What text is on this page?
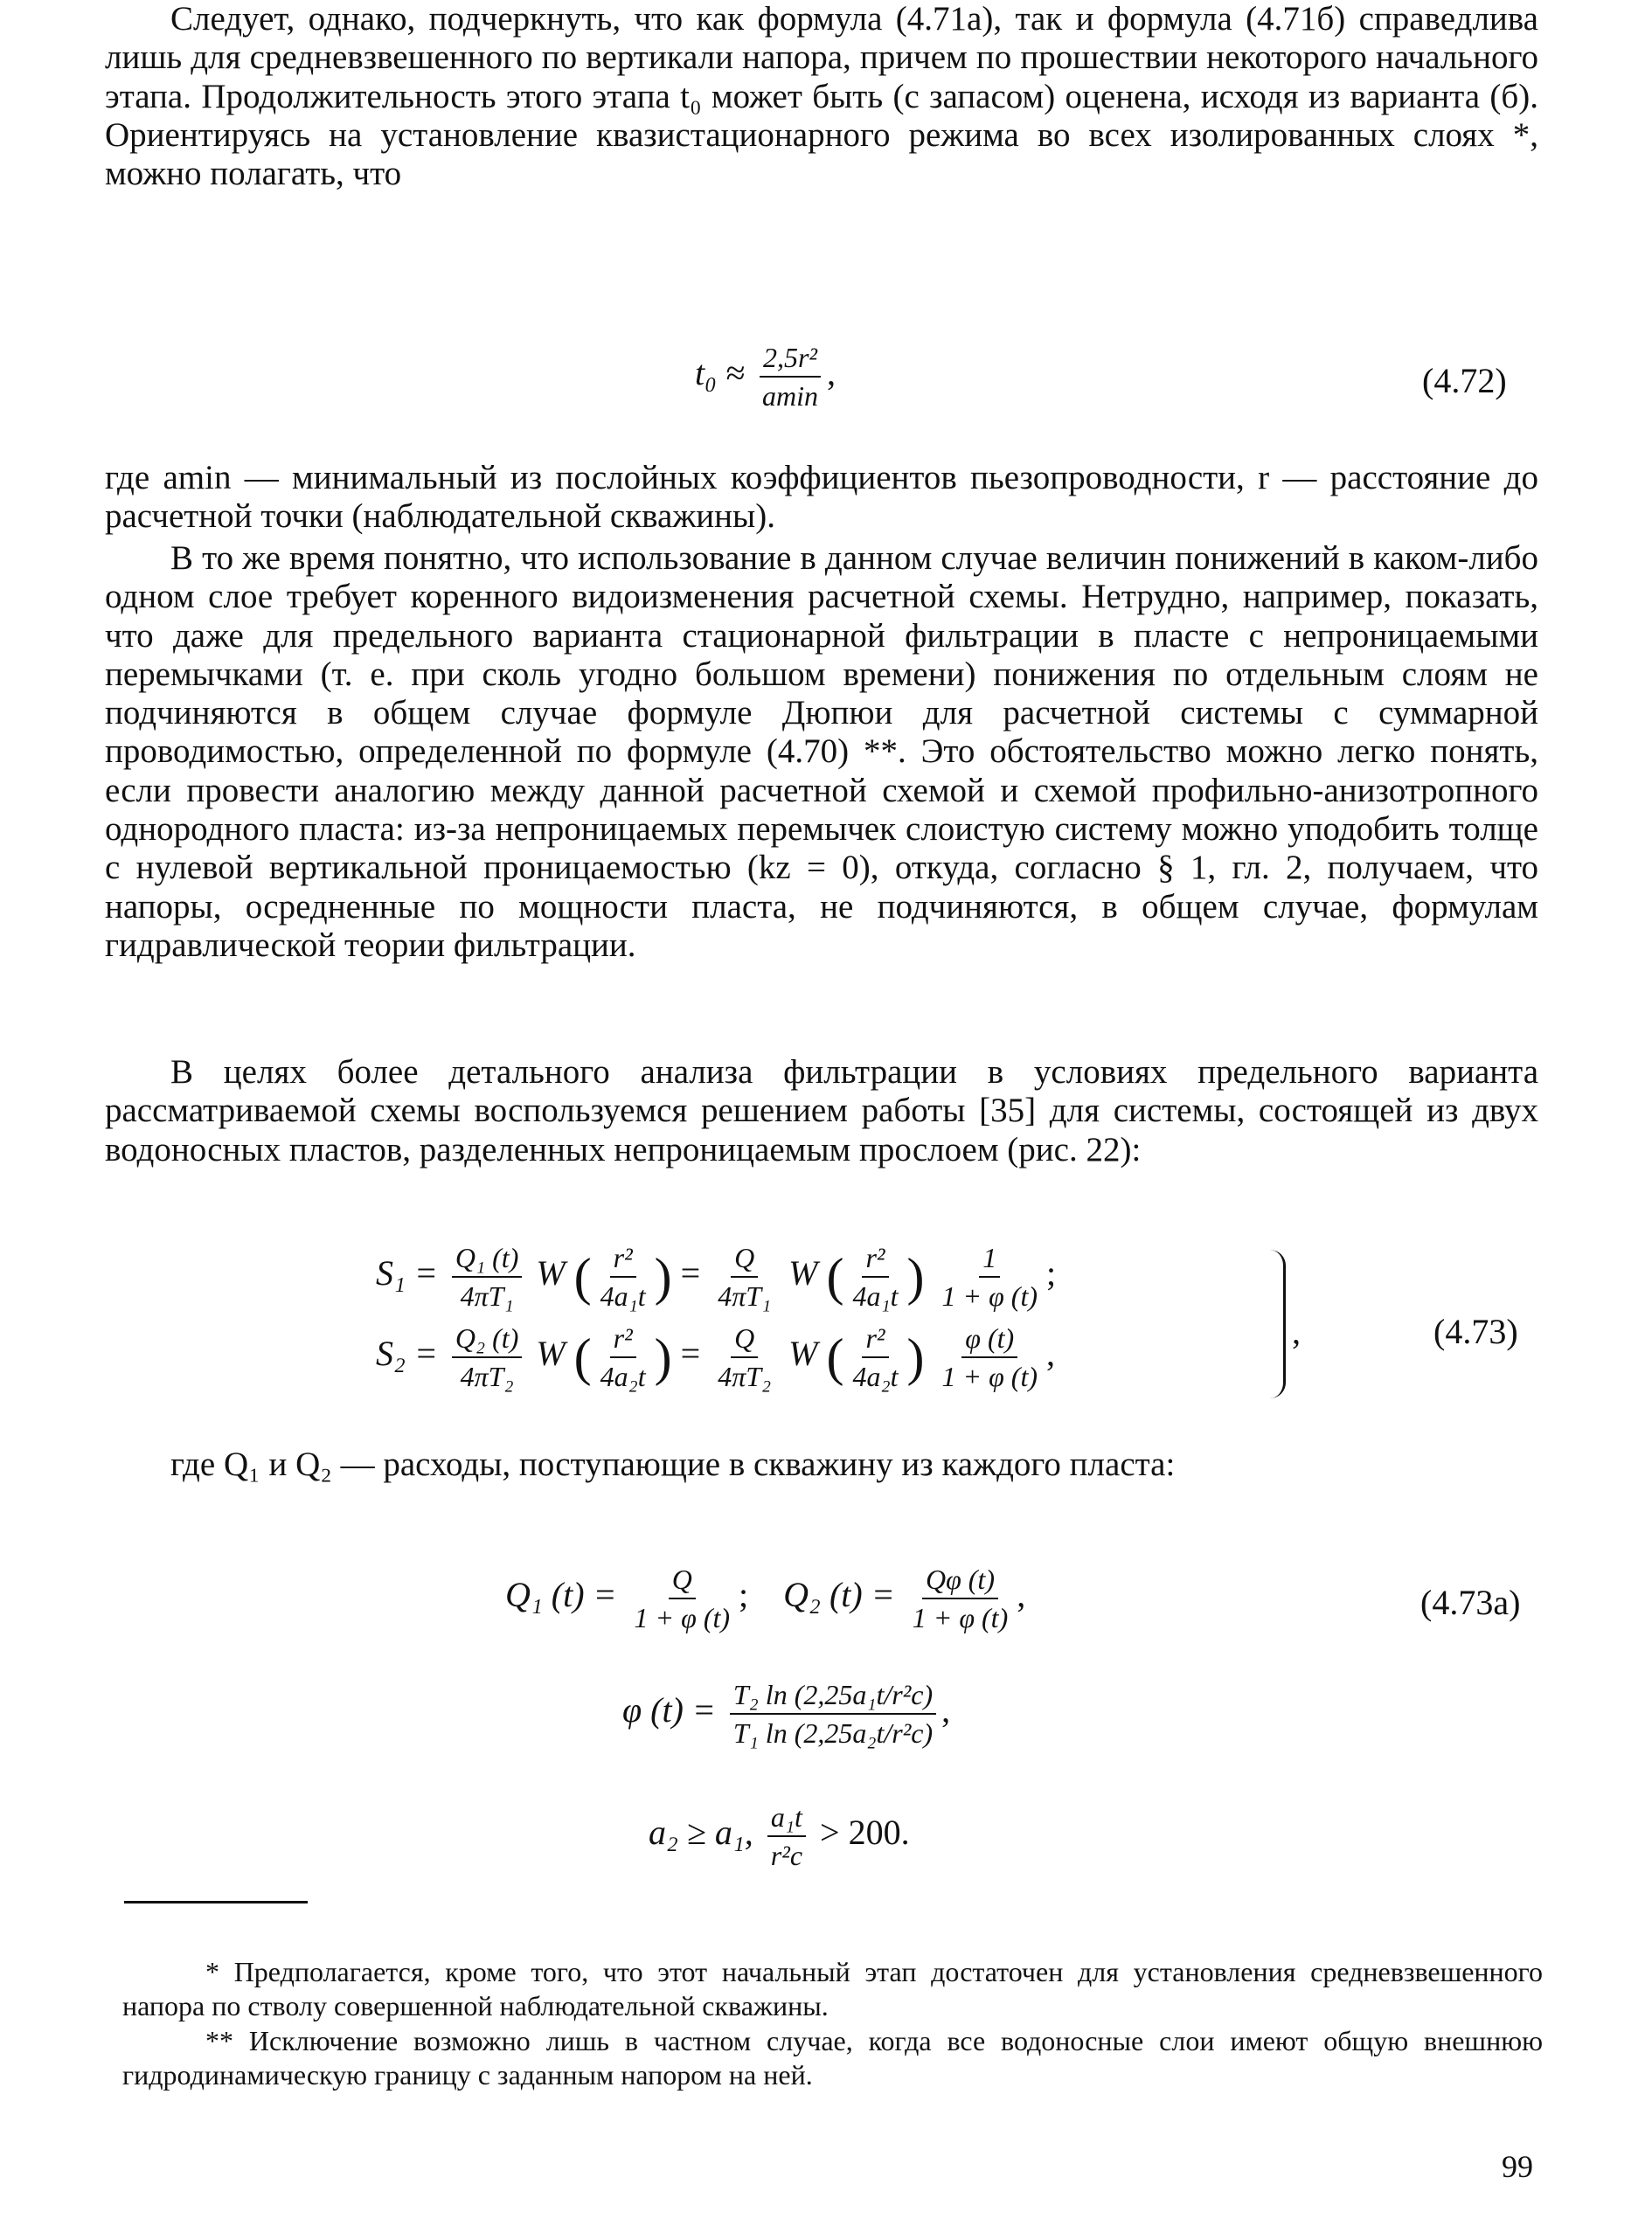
Следует, однако, подчеркнуть, что как формула (4.71а), так и формула (4.71б) справедлива лишь для средневзвешенного по вертикали напора, причем по прошествии некоторого начального этапа. Продолжительность этого этапа t₀ может быть (с запасом) оценена, исходя из варианта (б). Ориентируясь на установление квазистационарного режима во всех изолированных слоях *, можно полагать, что

$t_0 \approx \frac{\text{2,5r²}}{amin}$ ,	(4.72)

где amin — минимальный из послойных коэффициентов пьезопроводности, r — расстояние до расчетной точки (наблюдательной скважины).

В то же время понятно, что использование в данном случае величин понижений в каком-либо одном слое требует коренного видоизменения расчетной схемы. Нетрудно, например, показать, что даже для предельного варианта стационарной фильтрации в пласте с непроницаемыми перемычками (т. е. при сколь угодно большом времени) понижения по отдельным слоям не подчиняются в общем случае формуле Дюпюи для расчетной системы с суммарной проводимостью, определенной по формуле (4.70) **. Это обстоятельство можно легко понять, если провести аналогию между данной расчетной схемой и схемой профильно-анизотропного однородного пласта: из-за непроницаемых перемычек слоистую систему можно уподобить толще с нулевой вертикальной проницаемостью (kz = 0), откуда, согласно § 1, гл. 2, получаем, что напоры, осредненные по мощности пласта, не подчиняются, в общем случае, формулам гидравлической теории фильтрации.

В целях более детального анализа фильтрации в условиях предельного варианта рассматриваемой схемы воспользуемся решением работы [35] для системы, состоящей из двух водоносных пластов, разделенных непроницаемым прослоем (рис. 22):

$S_1 = \frac{\text{Q₁ (t)}}{\text{4πT₁}}$ W ( $\frac{\text{r²}}{\text{4a₁t}}$ ) = $\frac{Q}{\text{4πT₁}}$ W ( $\frac{\text{r²}}{\text{4a₁t}}$ ) $\frac{1}{1 + \varphi (t)}$ ;
$S_2 = \frac{\text{Q₂ (t)}}{\text{4πT₂}}$ W ( $\frac{\text{r²}}{\text{4a₂t}}$ ) = $\frac{Q}{\text{4πT₂}}$ W ( $\frac{\text{r²}}{\text{4a₂t}}$ ) $\frac{\varphi (t)}{1 + \varphi (t)}$ ,
,	(4.73)

где Q₁ и Q₂ — расходы, поступающие в скважину из каждого пласта:

Q₁ $(t) = \frac{Q}{1 + \varphi (t)}$ ; Q₂ $(t) = \frac{Q\varphi (t)}{1 + \varphi (t)}$ ,	(4.73а)
φ $(t) = \frac{\text{T₂ ln (2,25a₁t/r²с)}}{\text{T₁ ln (2,25a₂t/r²с)}}$ ,
a₂ ≥ a₁, $\frac{\text{a₁t}}{\text{r²с}} > 200$.

* Предполагается, кроме того, что этот начальный этап достаточен для установления средневзвешенного напора по стволу совершенной наблюдательной скважины.

** Исключение возможно лишь в частном случае, когда все водоносные слои имеют общую внешнюю гидродинамическую границу с заданным напором на ней.

99
